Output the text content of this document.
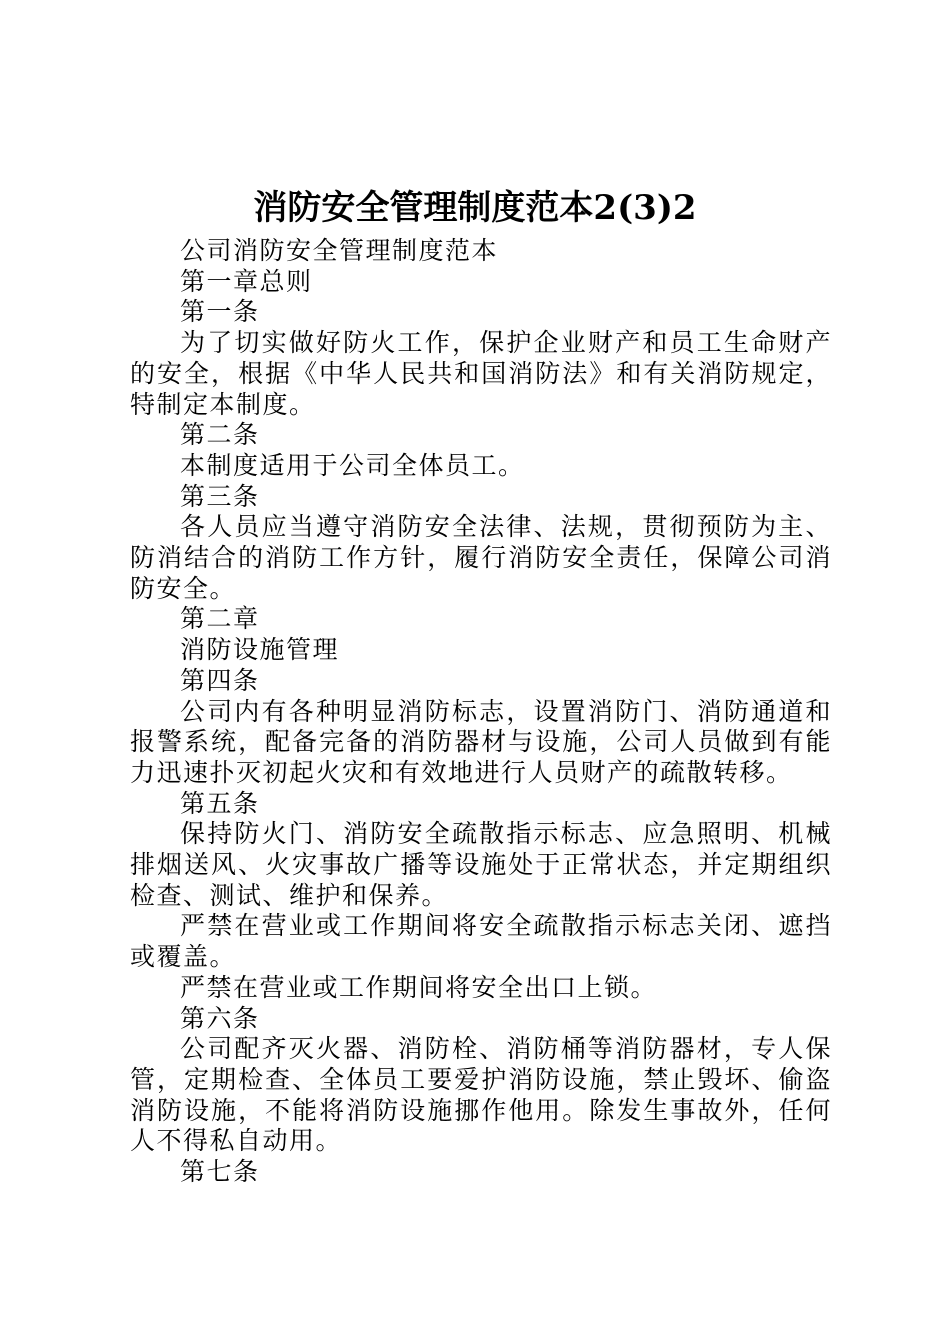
消防安全管理制度范本2(3)2

公司消防安全管理制度范本

第一章总则

第一条

为了切实做好防火工作，保护企业财产和员工生命财产的安全，根据《中华人民共和国消防法》和有关消防规定，特制定本制度。

第二条

本制度适用于公司全体员工。

第三条

各人员应当遵守消防安全法律、法规，贯彻预防为主、防消结合的消防工作方针，履行消防安全责任，保障公司消防安全。

第二章

消防设施管理

第四条

公司内有各种明显消防标志，设置消防门、消防通道和报警系统，配备完备的消防器材与设施，公司人员做到有能力迅速扑灭初起火灾和有效地进行人员财产的疏散转移。

第五条

保持防火门、消防安全疏散指示标志、应急照明、机械排烟送风、火灾事故广播等设施处于正常状态，并定期组织检查、测试、维护和保养。

严禁在营业或工作期间将安全疏散指示标志关闭、遮挡或覆盖。

严禁在营业或工作期间将安全出口上锁。

第六条

公司配齐灭火器、消防栓、消防桶等消防器材，专人保管，定期检查、全体员工要爱护消防设施，禁止毁坏、偷盗消防设施，不能将消防设施挪作他用。除发生事故外，任何人不得私自动用。

第七条
